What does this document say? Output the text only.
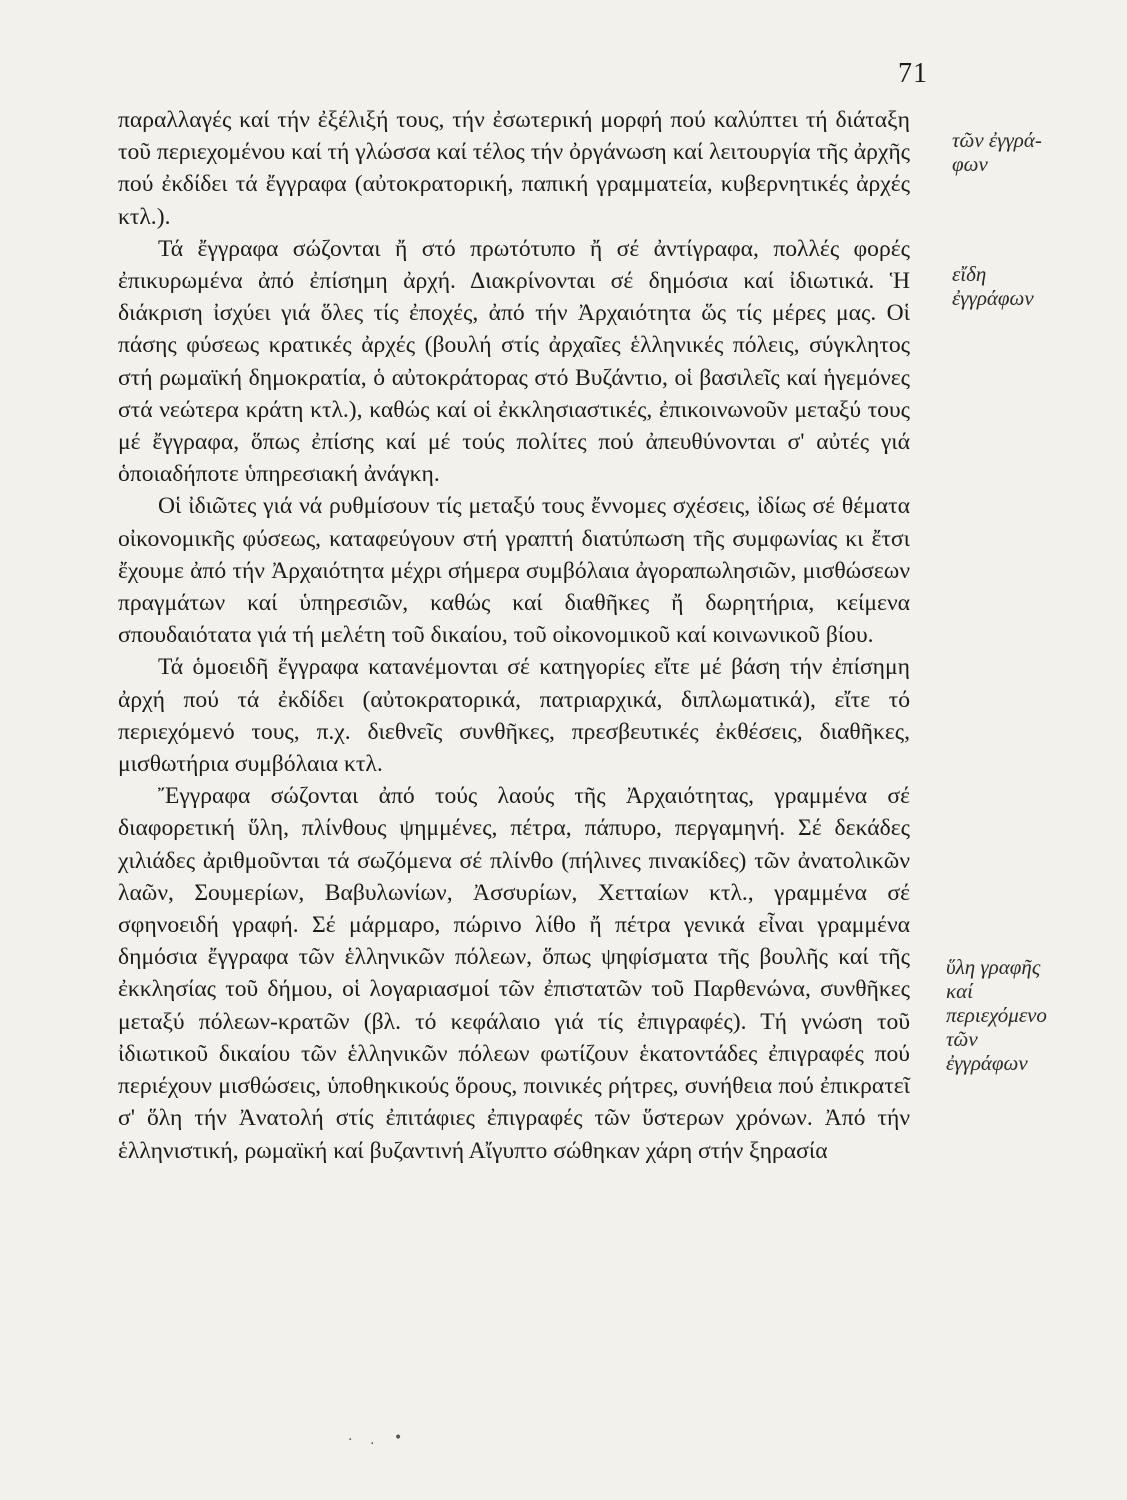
71

παραλλαγές καί τήν ἐξέλιξή τους, τήν ἐσωτερική μορφή πού καλύπτει τή διάταξη τοῦ περιεχομένου καί τή γλώσσα καί τέλος τήν ὀργάνωση καί λειτουργία τῆς ἀρχῆς πού ἐκδίδει τά ἔγγραφα (αὐτοκρατορική, παπική γραμματεία, κυβερνητικές ἀρχές κτλ.).

Τά ἔγγραφα σώζονται ἤ στό πρωτότυπο ἤ σέ ἀντίγραφα, πολλές φορές ἐπικυρωμένα ἀπό ἐπίσημη ἀρχή. Διακρίνονται σέ δημόσια καί ἰδιωτικά. Ἡ διάκριση ἰσχύει γιά ὅλες τίς ἐποχές, ἀπό τήν Ἀρχαιότητα ὥς τίς μέρες μας. Οἱ πάσης φύσεως κρατικές ἀρχές (βουλή στίς ἀρχαῖες ἑλληνικές πόλεις, σύγκλητος στή ρωμαϊκή δημοκρατία, ὁ αὐτοκράτορας στό Βυζάντιο, οἱ βασιλεῖς καί ἡγεμόνες στά νεώτερα κράτη κτλ.), καθώς καί οἱ ἐκκλησιαστικές, ἐπικοινωνοῦν μεταξύ τους μέ ἔγγραφα, ὅπως ἐπίσης καί μέ τούς πολίτες πού ἀπευθύνονται σ' αὐτές γιά ὁποιαδήποτε ὑπηρεσιακή ἀνάγκη.

Οἱ ἰδιῶτες γιά νά ρυθμίσουν τίς μεταξύ τους ἔννομες σχέσεις, ἰδίως σέ θέματα οἰκονομικῆς φύσεως, καταφεύγουν στή γραπτή διατύπωση τῆς συμφωνίας κι ἔτσι ἔχουμε ἀπό τήν Ἀρχαιότητα μέχρι σήμερα συμβόλαια ἀγοραπωλησιῶν, μισθώσεων πραγμάτων καί ὑπηρεσιῶν, καθώς καί διαθῆκες ἤ δωρητήρια, κείμενα σπουδαιότατα γιά τή μελέτη τοῦ δικαίου, τοῦ οἰκονομικοῦ καί κοινωνικοῦ βίου.

Τά ὁμοειδῆ ἔγγραφα κατανέμονται σέ κατηγορίες εἴτε μέ βάση τήν ἐπίσημη ἀρχή πού τά ἐκδίδει (αὐτοκρατορικά, πατριαρχικά, διπλωματικά), εἴτε τό περιεχόμενό τους, π.χ. διεθνεῖς συνθῆκες, πρεσβευτικές ἐκθέσεις, διαθῆκες, μισθωτήρια συμβόλαια κτλ.

Ἔγγραφα σώζονται ἀπό τούς λαούς τῆς Ἀρχαιότητας, γραμμένα σέ διαφορετική ὕλη, πλίνθους ψημμένες, πέτρα, πάπυρο, περγαμηνή. Σέ δεκάδες χιλιάδες ἀριθμοῦνται τά σωζόμενα σέ πλίνθο (πήλινες πινακίδες) τῶν ἀνατολικῶν λαῶν, Σουμερίων, Βαβυλωνίων, Ἀσσυρίων, Χετταίων κτλ., γραμμένα σέ σφηνοειδή γραφή. Σέ μάρμαρο, πώρινο λίθο ἤ πέτρα γενικά εἶναι γραμμένα δημόσια ἔγγραφα τῶν ἑλληνικῶν πόλεων, ὅπως ψηφίσματα τῆς βουλῆς καί τῆς ἐκκλησίας τοῦ δήμου, οἱ λογαριασμοί τῶν ἐπιστατῶν τοῦ Παρθενώνα, συνθῆκες μεταξύ πόλεων-κρατῶν (βλ. τό κεφάλαιο γιά τίς ἐπιγραφές). Τή γνώση τοῦ ἰδιωτικοῦ δικαίου τῶν ἑλληνικῶν πόλεων φωτίζουν ἑκατοντάδες ἐπιγραφές πού περιέχουν μισθώσεις, ὑποθηκικούς ὅρους, ποινικές ρήτρες, συνήθεια πού ἐπικρατεῖ σ' ὅλη τήν Ἀνατολή στίς ἐπιτάφιες ἐπιγραφές τῶν ὕστερων χρόνων. Ἀπό τήν ἑλληνιστική, ρωμαϊκή καί βυζαντινή Αἴγυπτο σώθηκαν χάρη στήν ξηρασία

τῶν ἐγγρά-
φων
εἴδη
ἐγγράφων
ὕλη γραφῆς
καί
περιεχόμενο
τῶν
ἐγγράφων
· · •
